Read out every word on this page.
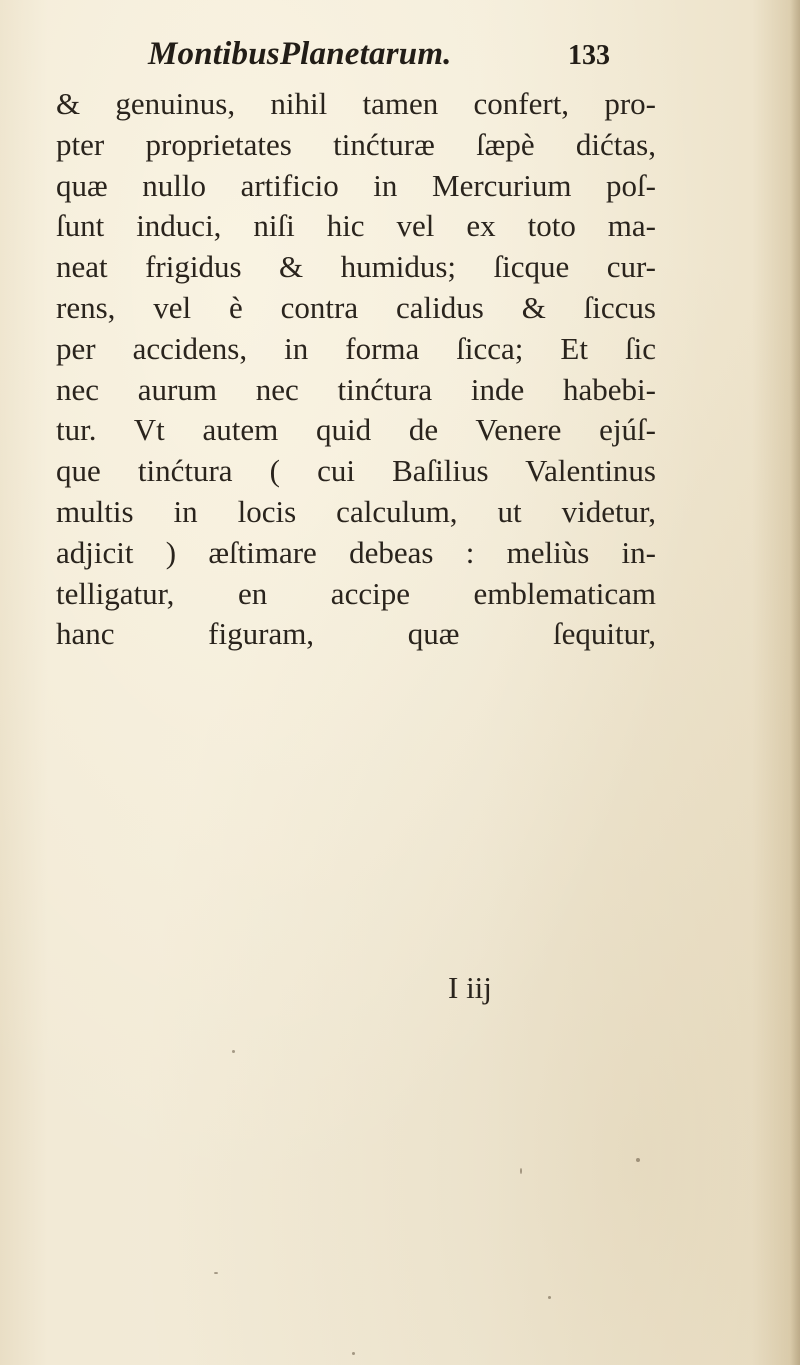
MontibusPlanetarum.	133
& genuinus, nihil tamen confert, pro-
pter proprietates tinćturæ ſæpè dićtas,
quæ nullo artificio in Mercurium poſ-
ſunt induci, niſi hic vel ex toto ma-
neat frigidus & humidus; ſicque cur-
rens, vel è contra calidus & ſiccus
per accidens, in forma ſicca; Et ſic
nec aurum nec tinćtura inde habebi-
tur. Vt autem quid de Venere ejúſ-
que tinćtura ( cui Baſilius Valentinus
multis in locis calculum, ut videtur,
adjicit ) æſtimare debeas : meliùs in-
telligatur, en accipe emblematicam
hanc figuram, quæ ſequitur,
I iij
